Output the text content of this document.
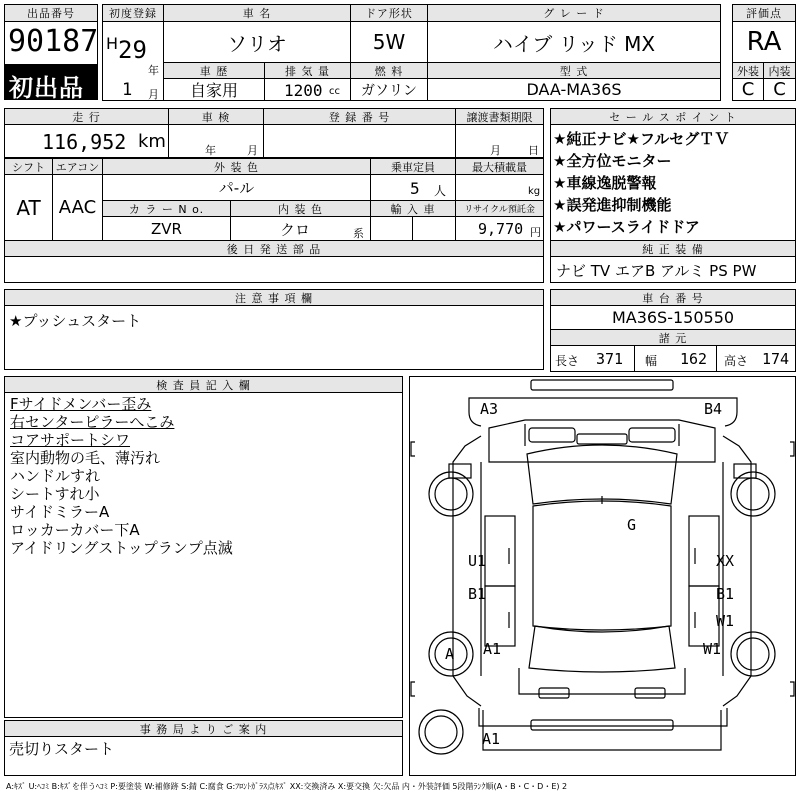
出品番号
90187
初出品
初度登録
H 29
年
1 月
車 名
ソリオ
ドア形状
5W
グ レ ー ド
ハイブ リッド MX
車 歴
自家用
排 気 量
1200 cc
燃 料
ガソリン
型 式
DAA-MA36S
評価点
RA
外装 内装
C	C
走 行
116,952 km
車 検
年	月
登 録 番 号	譲渡書類期限
月 日
シフト
AT
エアコン
AAC
外 装 色
パ-ル
乗車定員
5 人
最大積載量
kg
カ ラ ー N o.
ZVR
内 装 色
クロ	系
輸 入 車	リサイクル預託金
9,770 円
後 日 発 送 部 品
セ ー ル ス ポ イ ン ト
★純正ナビ★フルセグＴＶ
★全方位モニター
★車線逸脱警報
★誤発進抑制機能
★パワースライドドア
純 正 装 備
ナビ TV エアB アルミ PS PW
注 意 事 項 欄
★プッシュスタート
車 台 番 号
MA36S-150550
諸 元
長さ 371 幅 162 高さ 174
検 査 員 記 入 欄
Fサイドメンバー歪み
右センターピラーへこみ
コアサポートシワ
室内動物の毛、薄汚れ
ハンドルすれ
シートすれ小
サイドミラーA
ロッカーカバー下A
アイドリングストップランプ点滅
事 務 局 よ り ご 案 内
売切りスタート
A3	B4
G
U1	XX
B1	B1
W1
A A1	W1
A1
A:ｷｽﾞ U:ﾍｺﾐ B:ｷｽﾞを伴うﾍｺﾐ P:要塗装 W:補修跡 S:錆 C:腐食 G:ﾌﾛﾝﾄｶﾞﾗｽ点ｷｽﾞ XX:交換済み X:要交換 欠:欠品 内・外装評価 5段階ﾗﾝｸ順(A・B・C・D・E) 2
